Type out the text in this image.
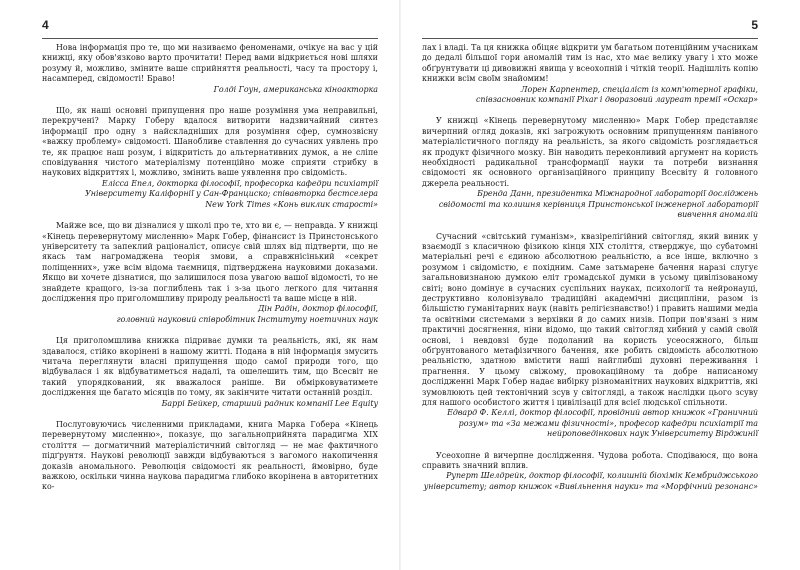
4

Нова інформація про те, що ми називаємо феноменами, очікує на вас у цій книжці, яку обов'язково варто прочитати! Перед вами відкриється нові шляхи розуму й, можливо, зміните ваше сприйняття реальності, часу та простору і, насамперед, свідомості! Браво!

Голді Гоун, американська кіноакторка

Що, як наші основні припущення про наше розуміння ума неправильні, перекручені? Марку Гоберу вдалося витворити надзвичайний синтез інформації про одну з найскладніших для розуміння сфер, сумнозвісну «важку проблему» свідомості. Шанобливе ставлення до сучасних уявлень про те, як працює наш розум, і відкритість до альтернативних думок, а не сліпе сповідування чистого матеріалізму потенційно може сприяти стрибку в наукових відкриттях і, можливо, змінить ваше уявлення про свідомість.

Елісса Епел, докторка філософії, професорка кафедри психіатрії
Університету Каліфорнії у Сан-Франциско; співавторка бестселера
New York Times «Конь виклик старості»

Майже все, що ви дізналися у школі про те, хто ви є, — неправда. У книжці «Кінець перевернутому мисленню» Марк Гобер, фінансист із Принстонського університету та запеклий раціоналіст, описує свій шлях від підтверти, що не якась там нагромаджена теорія змови, а справжнісінький «секрет поліщенних», уже всім відома таємниця, підтверджена науковими доказами. Якщо ви хочете дізнатися, що залишилося поза увагою вашої відомості, то не знайдете кращого, із-за поглиблень так і з-за цього легкого для читання дослідження про приголомшливу природу реальності та ваше місце в ній.

Дін Радін, доктор філософії,
головний науковий співробітник Інституту ноетичних наук

Ця приголомшлива книжка підриває думки та реальність, які, як нам здавалося, стійко вкорінені в нашому житті. Подана в ній інформація змусить читача переглянути власні припущення щодо самої природи того, що відбувалася і як відбуватиметься надалі, та ошелешить тим, що Всесвіт не такий упорядкований, як вважалося раніше. Ви обмірковуватимете дослідження ще багато місяців по тому, як закінчите читати останній розділ.

Баррі Бейкер, старший радник компанії Lee Equity

Послуговуючись численними прикладами, книга Марка Гобера «Кінець перевернутому мисленню», показує, що загальноприйнята парадигма XIX століття — догматичний матеріалістичний світогляд — не має фактичного підґрунтя. Наукові революції завжди відбуваються з вагомого накопичення доказів аномального. Революція свідомості як реальності, ймовірно, буде важкою, оскільки чинна наукова парадигма глибоко вкорінена в авторитетних ко-

5

лах і владі. Та ця книжка обіцяє відкрити ум багатьом потенційним учасникам до дедалі більшої гори аномалій тим із нас, хто має велику увагу і хто може обґрунтувати ці дивовижні явища у всеохопній і чіткій теорії. Надішліть копію книжки всім своїм знайомим!

Лорен Карпентер, спеціаліст із комп'ютерної графіки,
співзасновник компанії Pixar і дворазовий лауреат премії «Оскар»

У книжці «Кінець перевернутому мисленню» Марк Гобер представляє вичерпний огляд доказів, які загрожують основним припущенням панівного матеріалістичного погляду на реальність, за якого свідомість розглядається як продукт фізичного мозку. Він наводить переконливий аргумент на користь необхідності радикальної трансформації науки та потреби визнання свідомості як основного організаційного принципу Всесвіту й головного джерела реальності.

Бренда Данн, президентка Міжнародної лабораторії досліджень
свідомості та колишня керівниця Принстонської інженерної лабораторії
вивчення аномалій

Сучасний «світський гуманізм», квазірелігійний світогляд, який виник у взаємодії з класичною фізикою кінця XIX століття, стверджує, що субатомні матеріальні речі є єдиною абсолютною реальністю, а все інше, включно з розумом і свідомістю, є похідним. Саме затьмарене бачення наразі слугує загальновизнаною думкою еліт громадської думки в усьому цивілізованому світі; воно домінує в сучасних суспільних науках, психології та нейронауці, деструктивно колонізувало традиційні академічні дисципліни, разом із більшістю гуманітарних наук (навіть релігієзнавство!) і править нашими медіа та освітніми системами з верхівки й до самих низів. Попри пов'язані з ним практичні досягнення, ніни відомо, що такий світогляд хибний у самій своїй основі, і невдовзі буде подоланий на користь усеосяжного, більш обґрунтованого метафізичного бачення, яке робить свідомість абсолютною реальністю, здатною вмістити наші найглибші духовні переживання і прагнення. У цьому свіжому, провокаційному та добре написаному дослідженні Марк Гобер надає вибірку різноманітних наукових відкриттів, які зумовлюють цей тектонічний зсув у світогляді, а також наслідки цього зсуву для нашого особистого життя і цивілізації для всієї людської спільноти.

Едвард Ф. Келлі, доктор філософії, провідний автор книжок «Граничний
розум» та «За межами фізичності», професор кафедри психіатрії та
нейроповедінкових наук Університету Вірджинії

Усеохопне й вичерпне дослідження. Чудова робота. Сподіваюся, що вона справить значний вплив.

Руперт Шелдрейк, доктор філософії, колишній біохімік Кембриджського
університету; автор книжок «Вивільнення науки» та «Морфічний резонанс»
